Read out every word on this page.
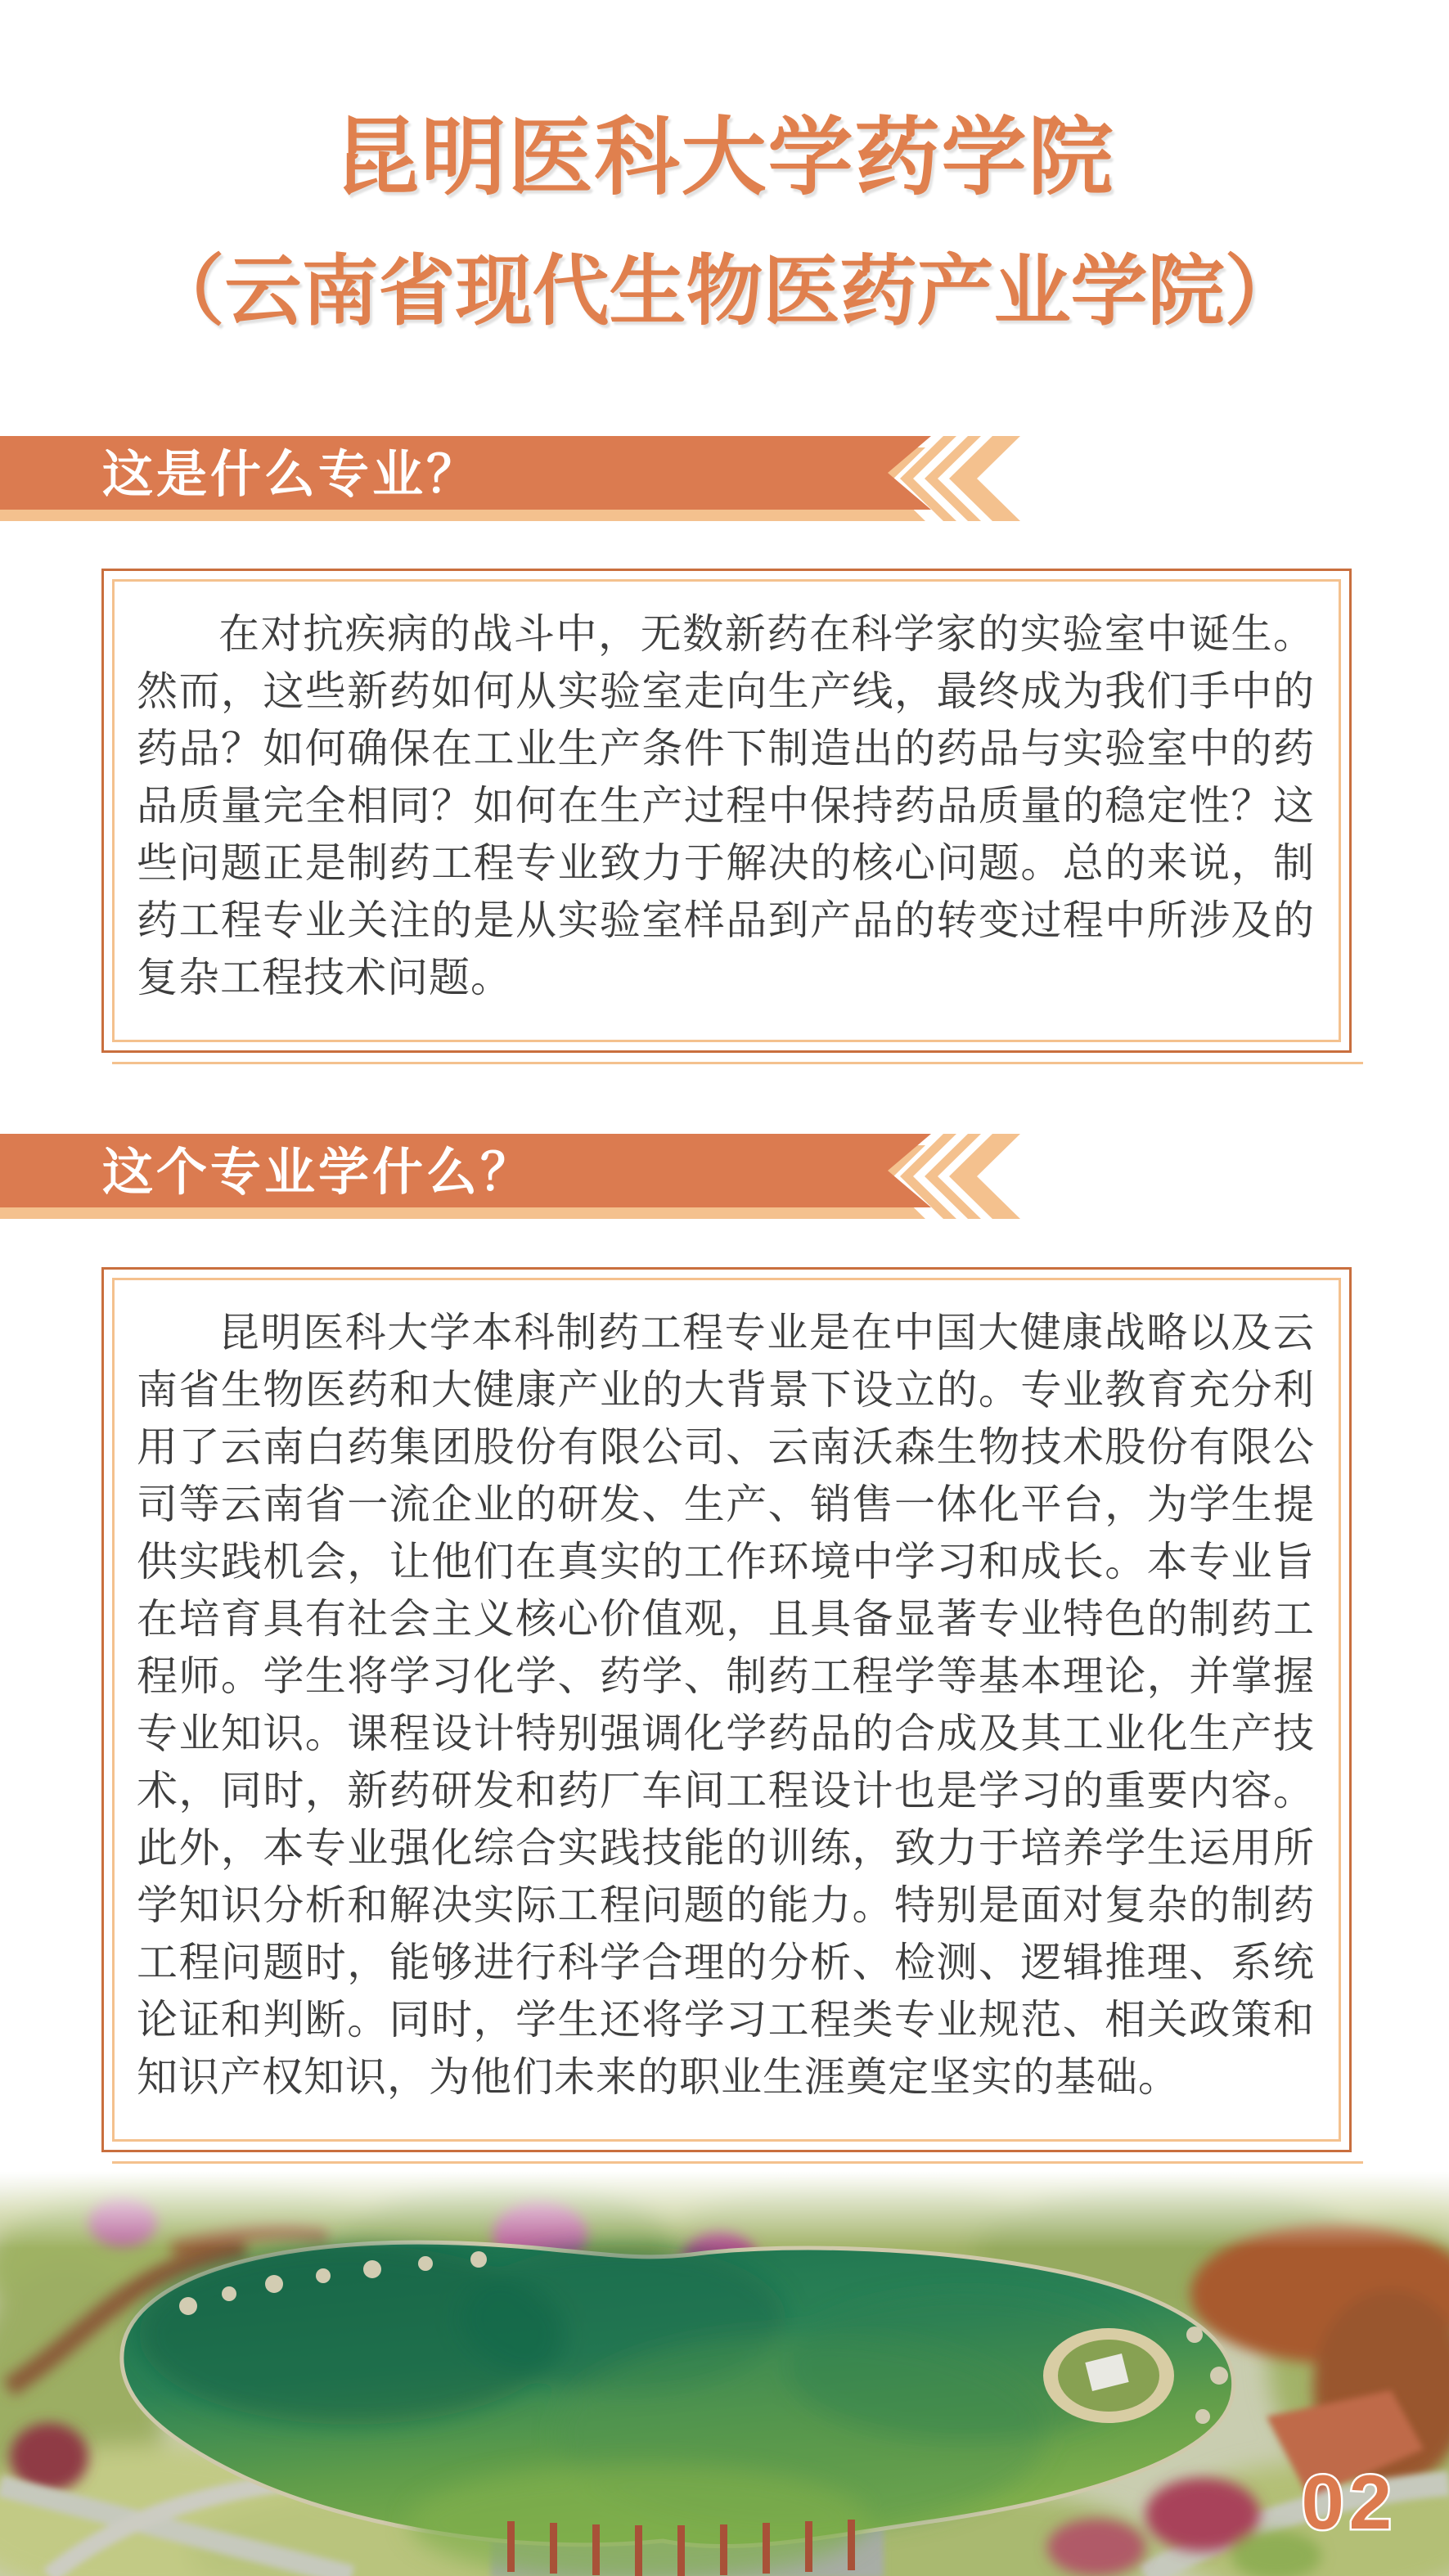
昆明医科大学药学院
（云南省现代生物医药产业学院）
这是什么专业？

在对抗疾病的战斗中，无数新药在科学家的实验室中诞生。然而，这些新药如何从实验室走向生产线，最终成为我们手中的药品？如何确保在工业生产条件下制造出的药品与实验室中的药品质量完全相同？如何在生产过程中保持药品质量的稳定性？这些问题正是制药工程专业致力于解决的核心问题。总的来说，制药工程专业关注的是从实验室样品到产品的转变过程中所涉及的复杂工程技术问题。

这个专业学什么？

昆明医科大学本科制药工程专业是在中国大健康战略以及云南省生物医药和大健康产业的大背景下设立的。专业教育充分利用了云南白药集团股份有限公司、云南沃森生物技术股份有限公司等云南省一流企业的研发、生产、销售一体化平台，为学生提供实践机会，让他们在真实的工作环境中学习和成长。本专业旨在培育具有社会主义核心价值观，且具备显著专业特色的制药工程师。学生将学习化学、药学、制药工程学等基本理论，并掌握专业知识。课程设计特别强调化学药品的合成及其工业化生产技术，同时，新药研发和药厂车间工程设计也是学习的重要内容。此外，本专业强化综合实践技能的训练，致力于培养学生运用所学知识分析和解决实际工程问题的能力。特别是面对复杂的制药工程问题时，能够进行科学合理的分析、检测、逻辑推理、系统论证和判断。同时，学生还将学习工程类专业规范、相关政策和知识产权知识，为他们未来的职业生涯奠定坚实的基础。

02
